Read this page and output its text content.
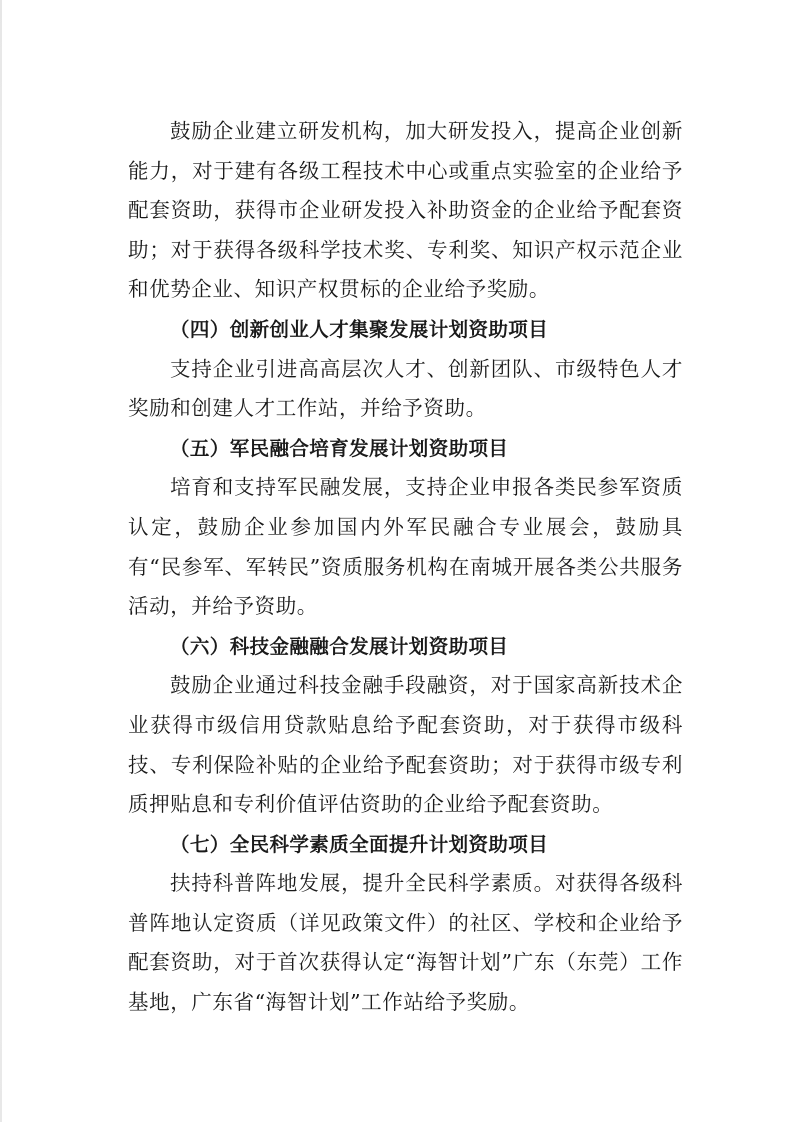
鼓励企业建立研发机构，加大研发投入，提高企业创新能力，对于建有各级工程技术中心或重点实验室的企业给予配套资助，获得市企业研发投入补助资金的企业给予配套资助；对于获得各级科学技术奖、专利奖、知识产权示范企业和优势企业、知识产权贯标的企业给予奖励。

（四）创新创业人才集聚发展计划资助项目

支持企业引进高高层次人才、创新团队、市级特色人才奖励和创建人才工作站，并给予资助。

（五）军民融合培育发展计划资助项目

培育和支持军民融发展，支持企业申报各类民参军资质认定，鼓励企业参加国内外军民融合专业展会，鼓励具有“民参军、军转民”资质服务机构在南城开展各类公共服务活动，并给予资助。

（六）科技金融融合发展计划资助项目

鼓励企业通过科技金融手段融资，对于国家高新技术企业获得市级信用贷款贴息给予配套资助，对于获得市级科技、专利保险补贴的企业给予配套资助；对于获得市级专利质押贴息和专利价值评估资助的企业给予配套资助。

（七）全民科学素质全面提升计划资助项目

扶持科普阵地发展，提升全民科学素质。对获得各级科普阵地认定资质（详见政策文件）的社区、学校和企业给予配套资助，对于首次获得认定“海智计划”广东（东莞）工作基地，广东省“海智计划”工作站给予奖励。
